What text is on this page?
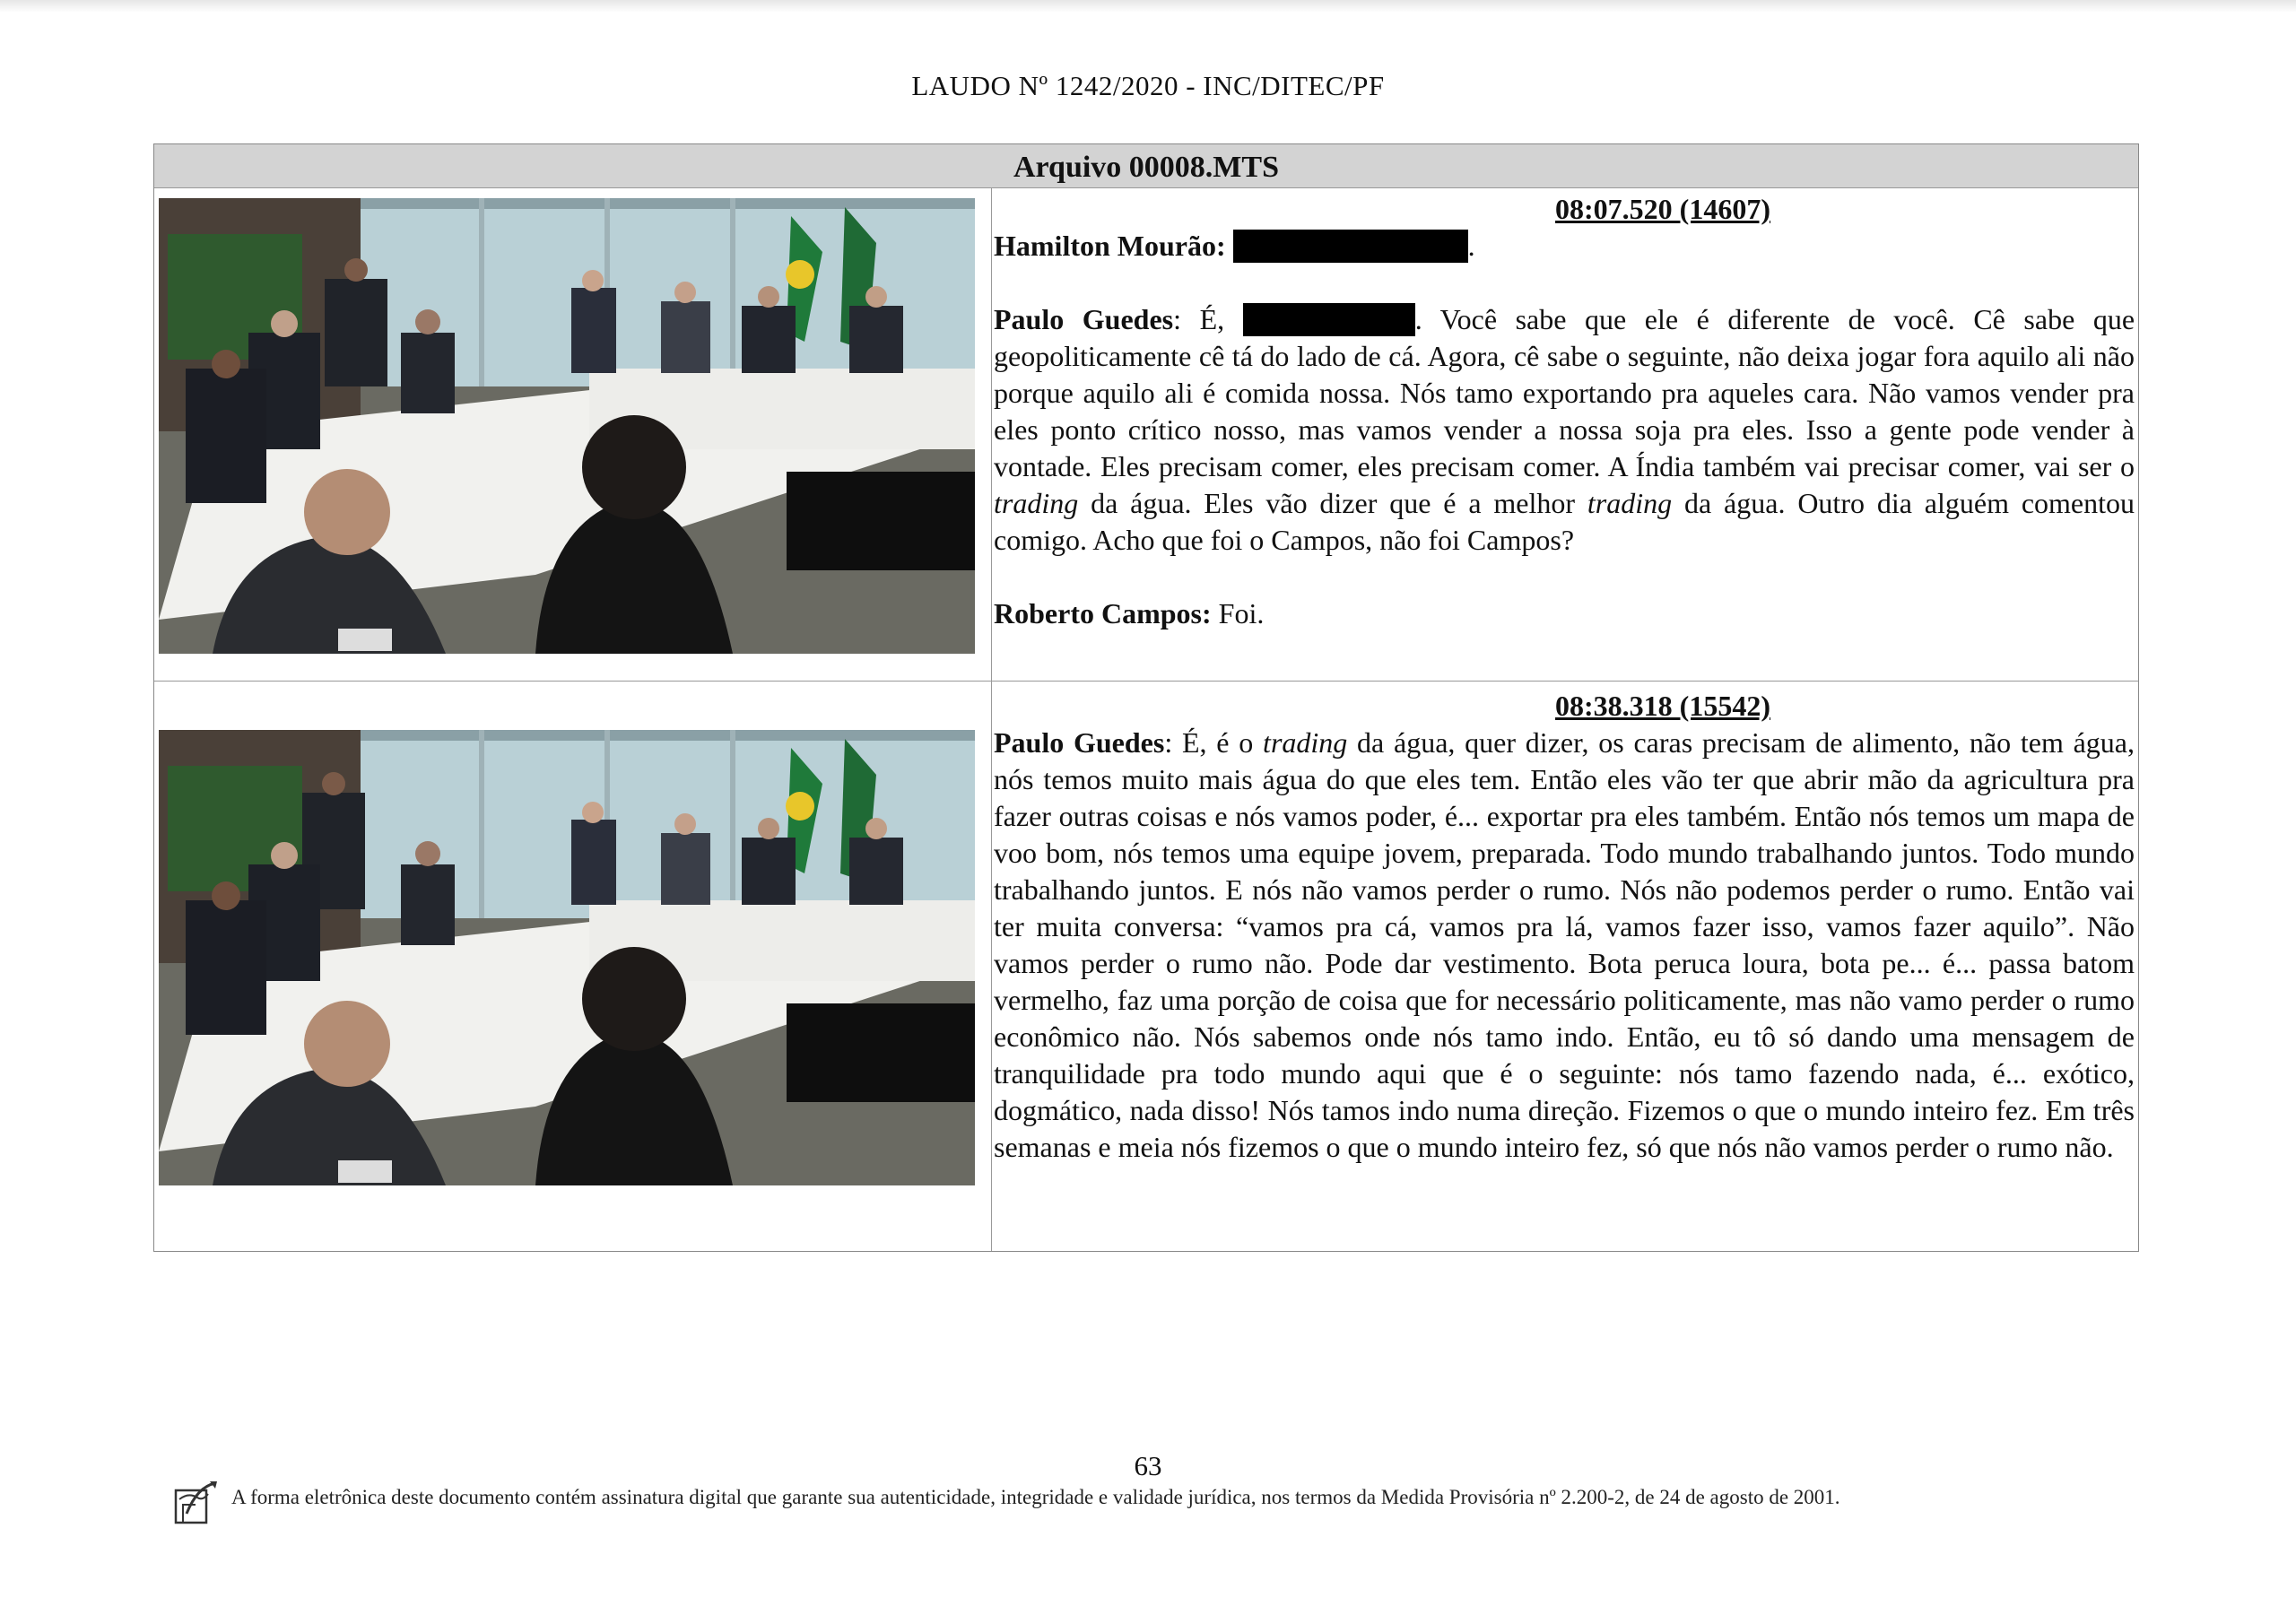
LAUDO Nº 1242/2020 - INC/DITEC/PF
Arquivo 00008.MTS
08:07.520 (14607)

Hamilton Mourão:	.

Paulo Guedes: É,	. Você sabe que ele é diferente de você. Cê sabe que geopoliticamente cê tá do lado de cá. Agora, cê sabe o seguinte, não deixa jogar fora aquilo ali não porque aquilo ali é comida nossa. Nós tamo exportando pra aqueles cara. Não vamos vender pra eles ponto crítico nosso, mas vamos vender a nossa soja pra eles. Isso a gente pode vender à vontade. Eles precisam comer, eles precisam comer. A Índia também vai precisar comer, vai ser o trading da água. Eles vão dizer que é a melhor trading da água. Outro dia alguém comentou comigo. Acho que foi o Campos, não foi Campos?

Roberto Campos: Foi.

08:38.318 (15542)

Paulo Guedes: É, é o trading da água, quer dizer, os caras precisam de alimento, não tem água, nós temos muito mais água do que eles tem. Então eles vão ter que abrir mão da agricultura pra fazer outras coisas e nós vamos poder, é... exportar pra eles também. Então nós temos um mapa de voo bom, nós temos uma equipe jovem, preparada. Todo mundo trabalhando juntos. Todo mundo trabalhando juntos. E nós não vamos perder o rumo. Nós não podemos perder o rumo. Então vai ter muita conversa: “vamos pra cá, vamos pra lá, vamos fazer isso, vamos fazer aquilo”. Não vamos perder o rumo não. Pode dar vestimento. Bota peruca loura, bota pe... é... passa batom vermelho, faz uma porção de coisa que for necessário politicamente, mas não vamo perder o rumo econômico não. Nós sabemos onde nós tamo indo. Então, eu tô só dando uma mensagem de tranquilidade pra todo mundo aqui que é o seguinte: nós tamo fazendo nada, é... exótico, dogmático, nada disso! Nós tamos indo numa direção. Fizemos o que o mundo inteiro fez. Em três semanas e meia nós fizemos o que o mundo inteiro fez, só que nós não vamos perder o rumo não.

63
A forma eletrônica deste documento contém assinatura digital que garante sua autenticidade, integridade e validade jurídica, nos termos da Medida Provisória nº 2.200-2, de 24 de agosto de 2001.
